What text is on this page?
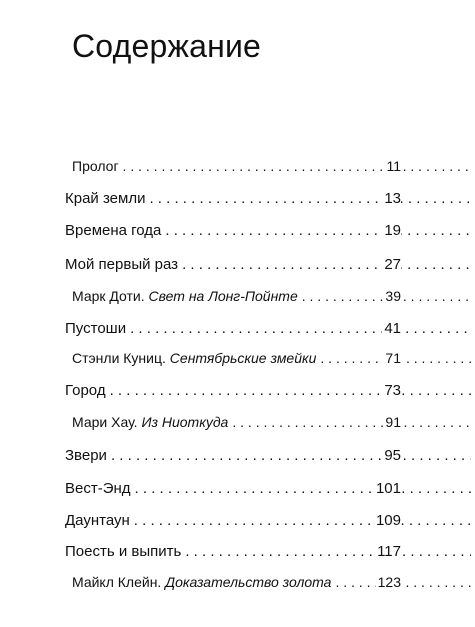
Содержание
Пролог . . .	11
Край земли . . .	13
Времена года . . .	19
Мой первый раз . . .	27
Марк Доти. Свет на Лонг-Пойнте . . .	39
Пустоши . . .	41
Стэнли Куниц. Сентябрьские змейки . . .	71
Город . . .	73
Мари Хау. Из Ниоткуда . . .	91
Звери . . .	95
Вест-Энд . . .	101
Даунтаун . . .	109
Поесть и выпить . . .	117
Майкл Клейн. Доказательство золота . . .	123
